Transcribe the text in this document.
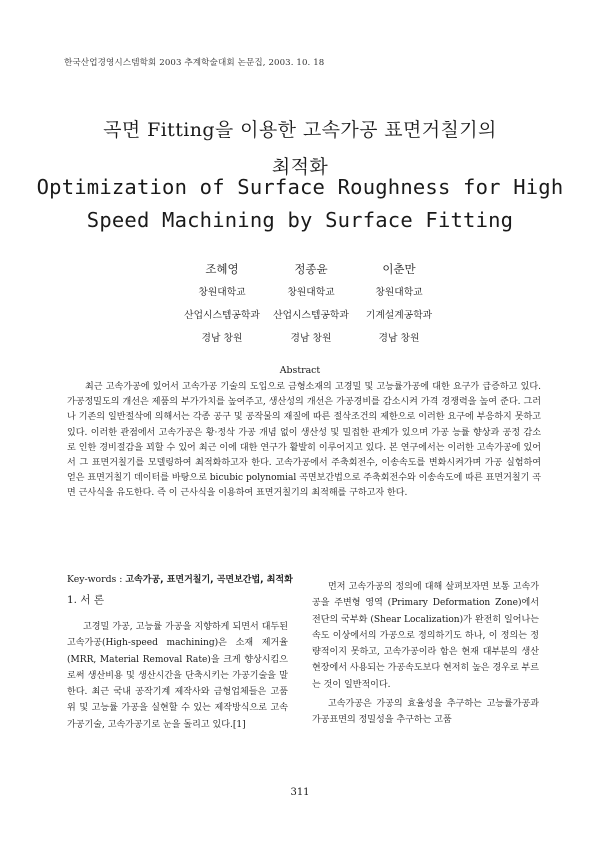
한국산업경영시스템학회 2003 추계학술대회 논문집, 2003. 10. 18
곡면 Fitting을 이용한 고속가공 표면거칠기의
최적화
Optimization of Surface Roughness for High
Speed Machining by Surface Fitting
조혜영
창원대학교
산업시스템공학과
경남 창원
정종윤
창원대학교
산업시스템공학과
경남 창원
이춘만
창원대학교
기계설계공학과
경남 창원
Abstract
최근 고속가공에 있어서 고속가공 기술의 도입으로 금형소재의 고경밀 및 고능률가공에 대한 요구가 급증하고 있다. 가공정밀도의 개선은 제품의 부가가치를 높여주고, 생산성의 개선은 가공경비를 감소시켜 가격 경쟁력을 높여 준다. 그러나 기존의 일반절삭에 의해서는 각종 공구 및 공작물의 재질에 따른 절삭조건의 제한으로 이러한 요구에 부응하지 못하고 있다. 이러한 관점에서 고속가공은 황·정삭 가공 개념 없이 생산성 및 밀접한 관계가 있으며 가공 능률 향상과 공정 감소로 인한 경비절감을 꾀할 수 있어 최근 이에 대한 연구가 활발히 이루어지고 있다. 본 연구에서는 이러한 고속가공에 있어서 그 표면거칠기를 모델링하여 최적화하고자 한다. 고속가공에서 주축회전수, 이송속도를 변화시켜가며 가공 실험하여 얻은 표면거칠기 데이터를 바탕으로 bicubic polynomial 곡면보간법으로 주축회전수와 이송속도에 따른 표면거칠기 곡면 근사식을 유도한다. 즉 이 근사식을 이용하여 표면거칠기의 최적해를 구하고자 한다.
Key-words : 고속가공, 표면거칠기, 곡면보간법, 최적화
1. 서 론

고경밀 가공, 고능률 가공을 지향하게 되면서 대두된 고속가공(High-speed machining)은 소재 제거율(MRR, Material Removal Rate)을 크게 향상시킴으로써 생산비용 및 생산시간을 단축시키는 가공기술을 말한다. 최근 국내 공작기계 제작사와 금형업체들은 고품위 및 고능률 가공을 실현할 수 있는 제작방식으로 고속가공기술, 고속가공기로 눈을 돌리고 있다.[1]

먼저 고속가공의 정의에 대해 살펴보자면 보통 고속가공을 주변형 영역 (Primary Deformation Zone)에서 전단의 국부화 (Shear Localization)가 완전히 일어나는 속도 이상에서의 가공으로 정의하기도 하나, 이 정의는 정량적이지 못하고, 고속가공이라 함은 현재 대부분의 생산 현장에서 사용되는 가공속도보다 현저히 높은 경우로 부르는 것이 일반적이다.

고속가공은 가공의 효율성을 추구하는 고능률가공과 가공표면의 정밀성을 추구하는 고품

311
